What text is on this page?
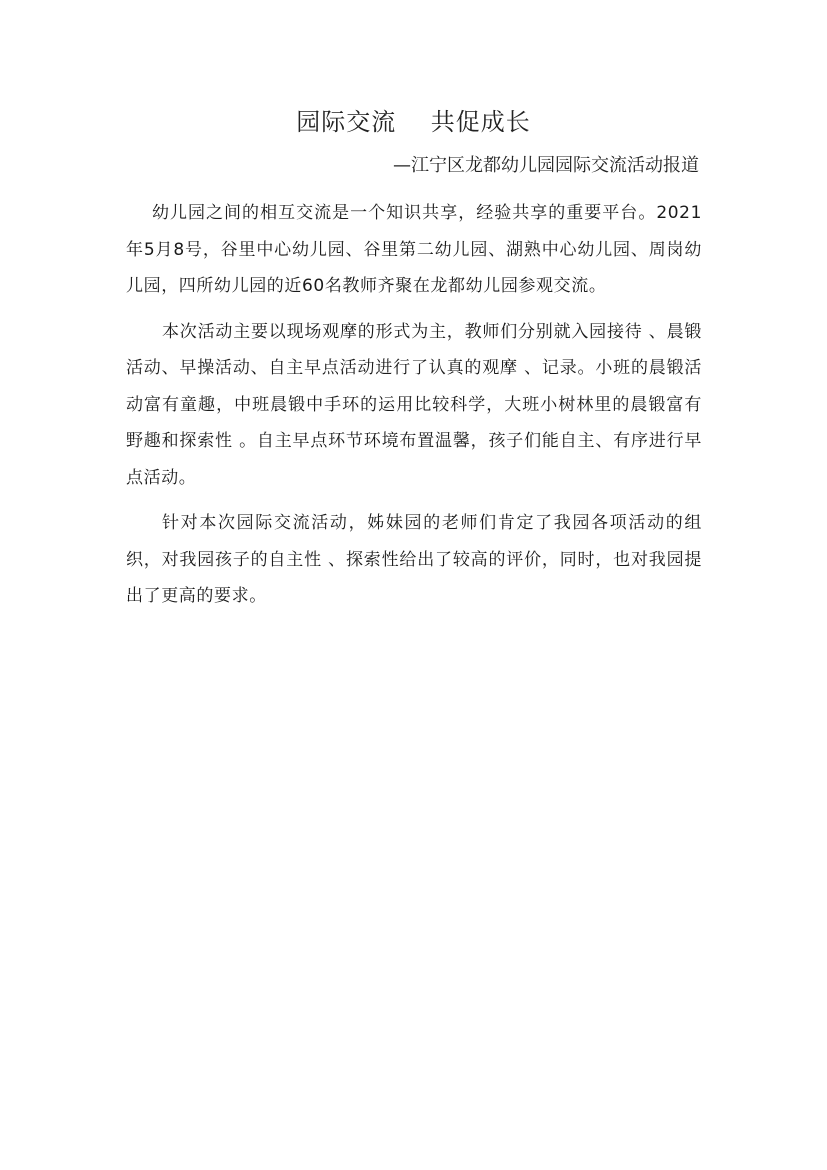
园际交流    共促成长
—江宁区龙都幼儿园园际交流活动报道

幼儿园之间的相互交流是一个知识共享，经验共享的重要平台。2021年5月8号，谷里中心幼儿园、谷里第二幼儿园、湖熟中心幼儿园、周岗幼儿园，四所幼儿园的近60名教师齐聚在龙都幼儿园参观交流。

本次活动主要以现场观摩的形式为主，教师们分别就入园接待 、晨锻活动、早操活动、自主早点活动进行了认真的观摩 、记录。小班的晨锻活动富有童趣，中班晨锻中手环的运用比较科学，大班小树林里的晨锻富有野趣和探索性 。自主早点环节环境布置温馨，孩子们能自主、有序进行早点活动。

针对本次园际交流活动，姊妹园的老师们肯定了我园各项活动的组织，对我园孩子的自主性 、探索性给出了较高的评价，同时，也对我园提出了更高的要求。
